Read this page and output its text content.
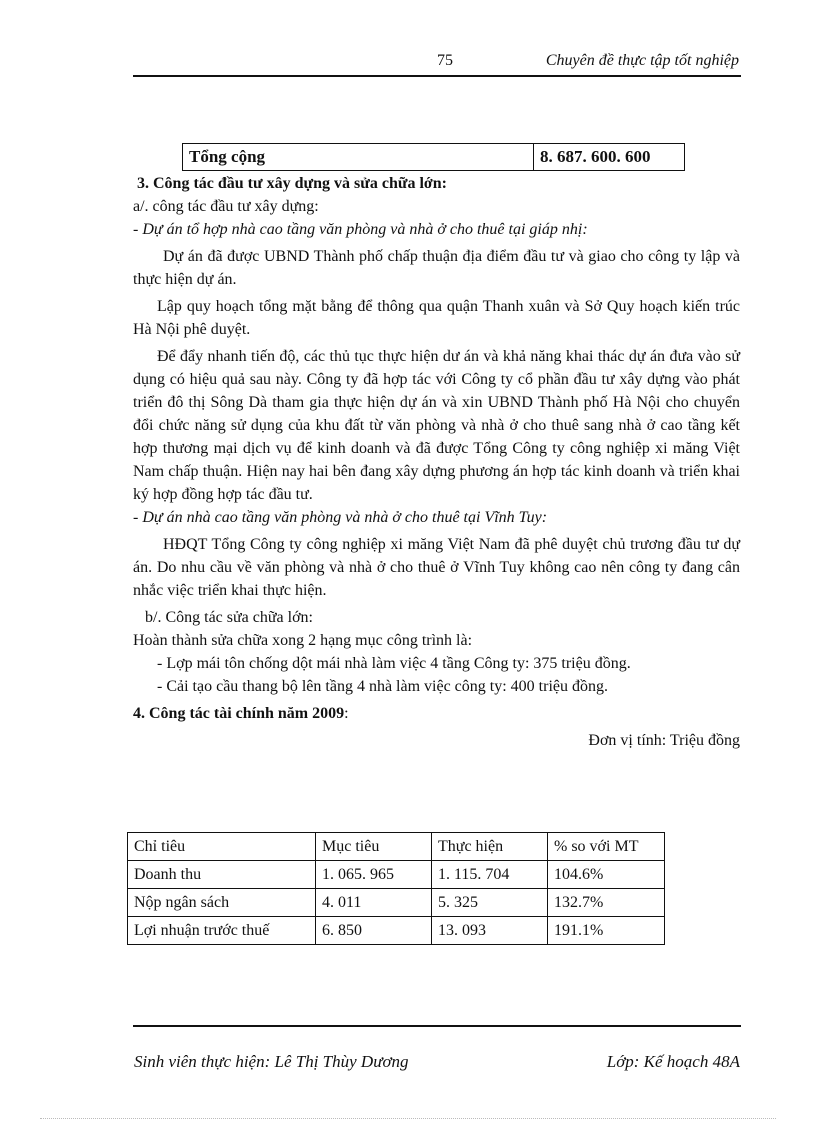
75	Chuyên đề thực tập tốt nghiệp
Tổng cộng	8. 687. 600. 600

3. Công tác đầu tư xây dựng và sửa chữa lớn:

a/. công tác đầu tư xây dựng:

- Dự án tổ hợp nhà cao tầng văn phòng và nhà ở cho thuê tại giáp nhị:

Dự án đã được UBND Thành phố chấp thuận địa điểm đầu tư và giao cho công ty lập và thực hiện dự án.

Lập quy hoạch tổng mặt bằng để thông qua quận Thanh xuân và Sở Quy hoạch kiến trúc Hà Nội phê duyệt.

Để đẩy nhanh tiến độ, các thủ tục thực hiện dư án và khả năng khai thác dự án đưa vào sử dụng có hiệu quả sau này. Công ty đã hợp tác với Công ty cổ phần đầu tư xây dựng vào phát triển đô thị Sông Dà tham gia thực hiện dự án và xin UBND Thành phố Hà Nội cho chuyển đổi chức năng sử dụng của khu đất từ văn phòng và nhà ở cho thuê sang nhà ở cao tầng kết hợp thương mại dịch vụ để kinh doanh và đã được Tổng Công ty công nghiệp xi măng Việt Nam chấp thuận. Hiện nay hai bên đang xây dựng phương án hợp tác kinh doanh và triển khai ký hợp đồng hợp tác đầu tư.

- Dự án nhà cao tầng văn phòng và nhà ở cho thuê tại Vĩnh Tuy:

HĐQT Tổng Công ty công nghiệp xi măng Việt Nam đã phê duyệt chủ trương đầu tư dự án. Do nhu cầu về văn phòng và nhà ở cho thuê ở Vĩnh Tuy không cao nên công ty đang cân nhắc việc triển khai thực hiện.

b/. Công tác sửa chữa lớn:

Hoàn thành sửa chữa xong 2 hạng mục công trình là:

- Lợp mái tôn chống dột mái nhà làm việc 4 tầng Công ty: 375 triệu đồng.

- Cải tạo cầu thang bộ lên tầng 4 nhà làm việc công ty: 400 triệu đồng.

4. Công tác tài chính năm 2009:

Đơn vị tính: Triệu đồng

Chỉ tiêu	Mục tiêu	Thực hiện	% so với MT
Doanh thu	1. 065. 965	1. 115. 704	104.6%
Nộp ngân sách	4. 011	5. 325	132.7%
Lợi nhuận trước thuế	6. 850	13. 093	191.1%
Sinh viên thực hiện: Lê Thị Thùy Dương	Lớp: Kế hoạch 48A
